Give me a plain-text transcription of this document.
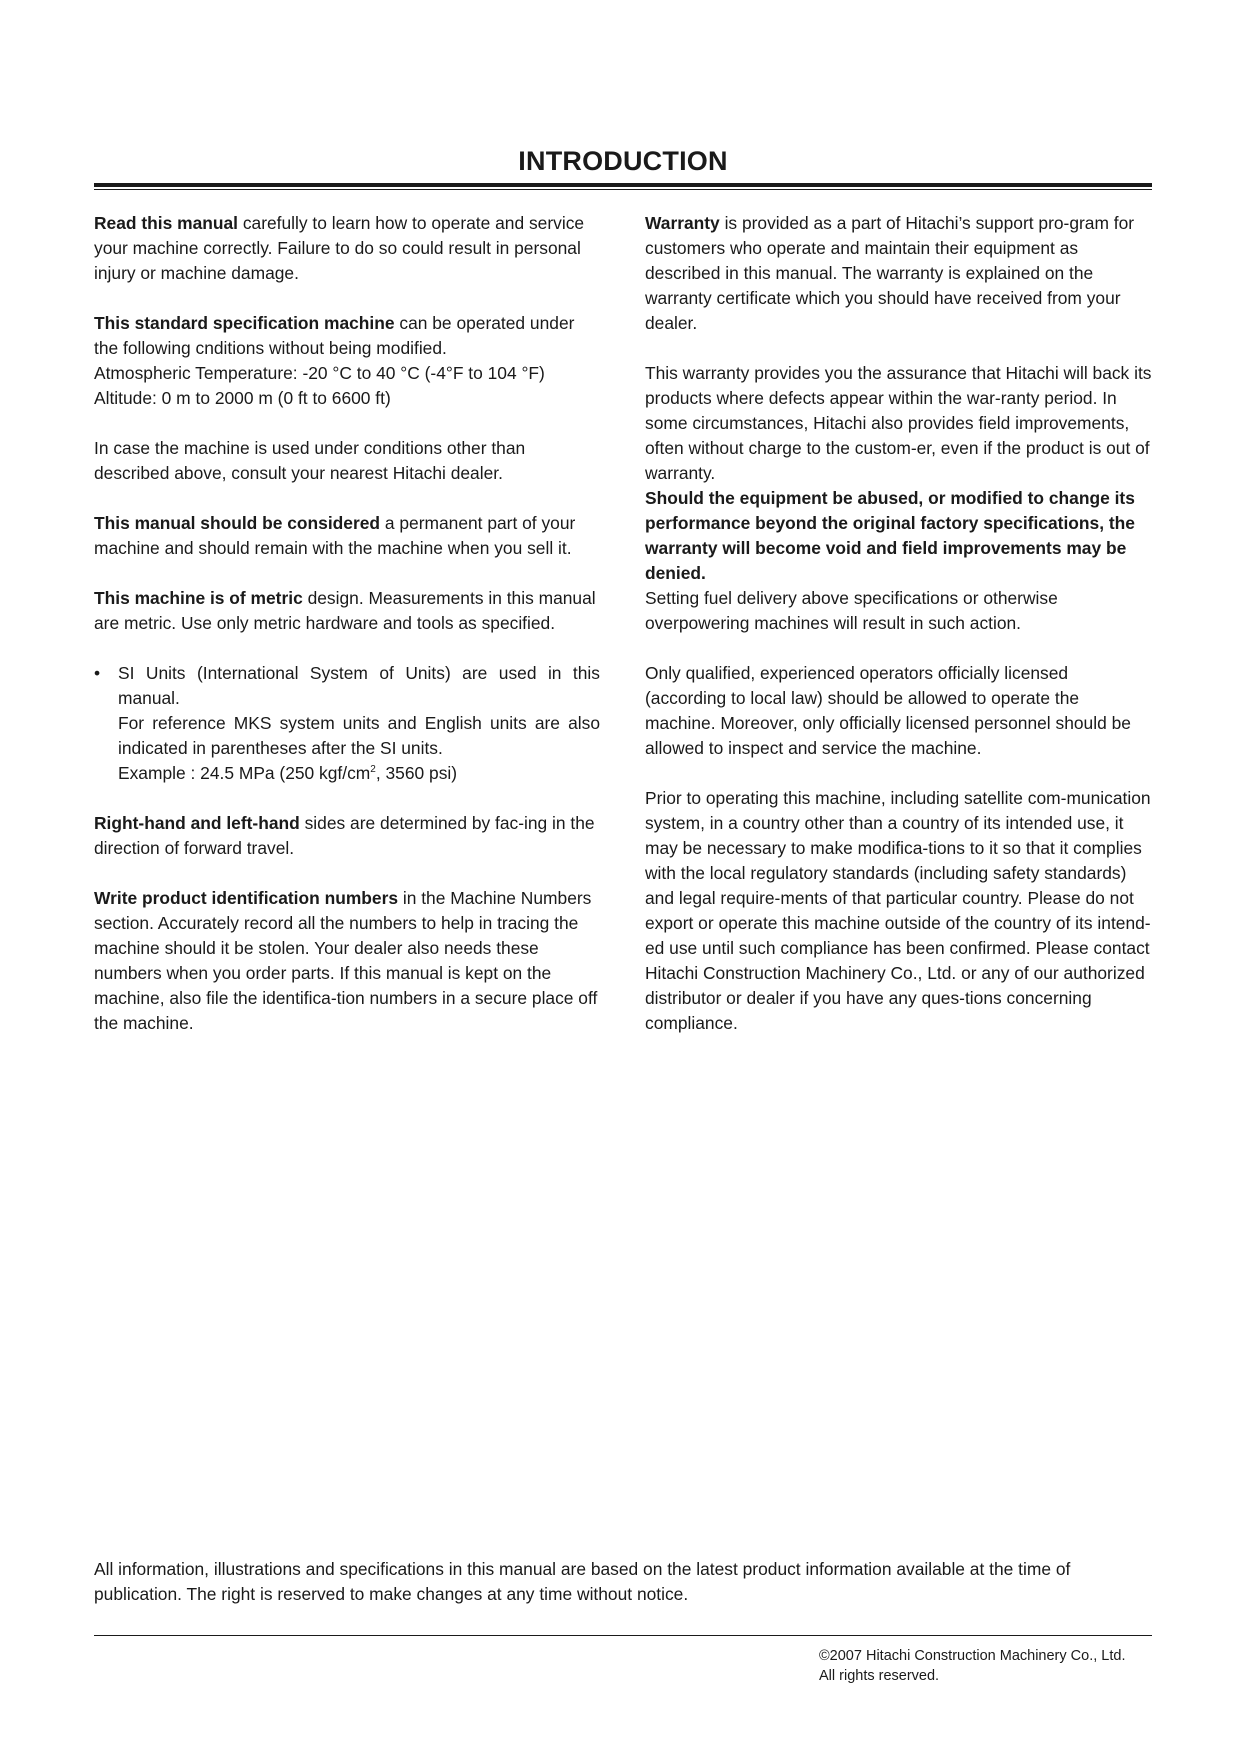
INTRODUCTION

Read this manual carefully to learn how to operate and service your machine correctly. Failure to do so could result in personal injury or machine damage.

This standard specification machine can be operated under the following cnditions without being modified.
Atmospheric Temperature: -20 °C to 40 °C (-4°F to 104 °F)
Altitude: 0 m to 2000 m (0 ft to 6600 ft)

In case the machine is used under conditions other than described above, consult your nearest Hitachi dealer.

This manual should be considered a permanent part of your machine and should remain with the machine when you sell it.

This machine is of metric design. Measurements in this manual are metric. Use only metric hardware and tools as specified.

•	SI Units (International System of Units) are used in this manual.
For reference MKS system units and English units are also indicated in parentheses after the SI units.
Example : 24.5 MPa (250 kgf/$cm^2$, 3560 psi)

Right-hand and left-hand sides are determined by fac-ing in the direction of forward travel.

Write product identification numbers in the Machine Numbers section. Accurately record all the numbers to help in tracing the machine should it be stolen. Your dealer also needs these numbers when you order parts. If this manual is kept on the machine, also file the identifica-tion numbers in a secure place off the machine.

Warranty is provided as a part of Hitachi’s support pro-gram for customers who operate and maintain their equipment as described in this manual. The warranty is explained on the warranty certificate which you should have received from your dealer.

This warranty provides you the assurance that Hitachi will back its products where defects appear within the war-ranty period. In some circumstances, Hitachi also provides field improvements, often without charge to the custom-er, even if the product is out of warranty.

Should the equipment be abused, or modified to change its performance beyond the original factory specifications, the warranty will become void and field improvements may be denied.

Setting fuel delivery above specifications or otherwise overpowering machines will result in such action.

Only qualified, experienced operators officially licensed (according to local law) should be allowed to operate the machine. Moreover, only officially licensed personnel should be allowed to inspect and service the machine.

Prior to operating this machine, including satellite com-munication system, in a country other than a country of its intended use, it may be necessary to make modifica-tions to it so that it complies with the local regulatory standards (including safety standards) and legal require-ments of that particular country. Please do not export or operate this machine outside of the country of its intend-ed use until such compliance has been confirmed. Please contact Hitachi Construction Machinery Co., Ltd. or any of our authorized distributor or dealer if you have any ques-tions concerning compliance.

All information, illustrations and specifications in this manual are based on the latest product information available at the time of publication. The right is reserved to make changes at any time without notice.
©2007 Hitachi Construction Machinery Co., Ltd.
All rights reserved.
